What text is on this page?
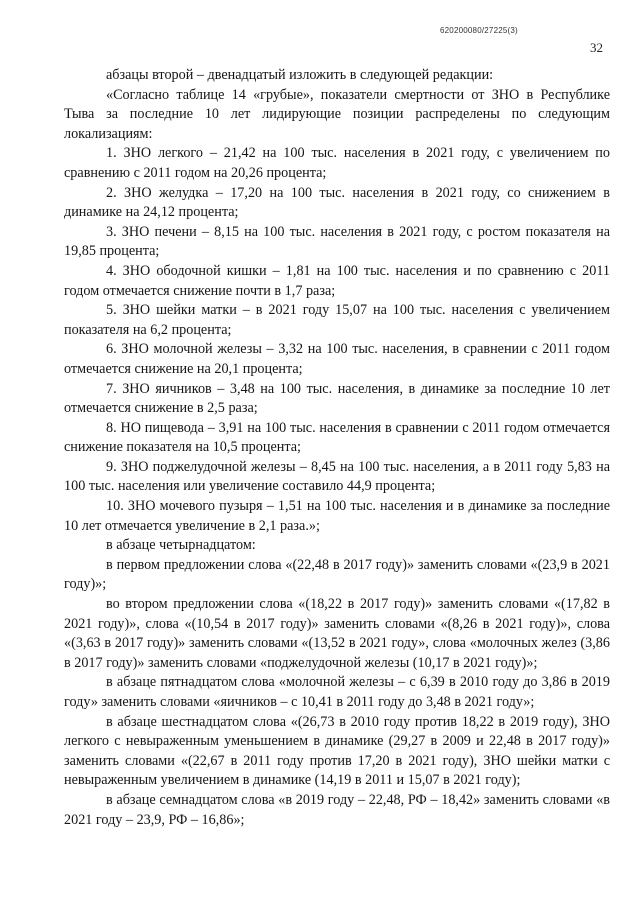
620200080/27225(3)
32

абзацы второй – двенадцатый изложить в следующей редакции:

«Согласно таблице 14 «грубые», показатели смертности от ЗНО в Республике Тыва за последние 10 лет лидирующие позиции распределены по следующим локализациям:

1. ЗНО легкого – 21,42 на 100 тыс. населения в 2021 году, с увеличением по сравнению с 2011 годом на 20,26 процента;

2. ЗНО желудка – 17,20 на 100 тыс. населения в 2021 году, со снижением в динамике на 24,12 процента;

3. ЗНО печени – 8,15 на 100 тыс. населения в 2021 году, с ростом показателя на 19,85 процента;

4. ЗНО ободочной кишки – 1,81 на 100 тыс. населения и по сравнению с 2011 годом отмечается снижение почти в 1,7 раза;

5. ЗНО шейки матки – в 2021 году 15,07 на 100 тыс. населения с увеличением показателя на 6,2 процента;

6. ЗНО молочной железы – 3,32 на 100 тыс. населения, в сравнении с 2011 годом отмечается снижение на 20,1 процента;

7. ЗНО яичников – 3,48 на 100 тыс. населения, в динамике за последние 10 лет отмечается снижение в 2,5 раза;

8. НО пищевода – 3,91 на 100 тыс. населения в сравнении с 2011 годом отмечается снижение показателя на 10,5 процента;

9. ЗНО поджелудочной железы – 8,45 на 100 тыс. населения, а в 2011 году 5,83 на 100 тыс. населения или увеличение составило 44,9 процента;

10. ЗНО мочевого пузыря – 1,51 на 100 тыс. населения и в динамике за последние 10 лет отмечается увеличение в 2,1 раза.»;

в абзаце четырнадцатом:

в первом предложении слова «(22,48 в 2017 году)» заменить словами «(23,9 в 2021 году)»;

во втором предложении слова «(18,22 в 2017 году)» заменить словами «(17,82 в 2021 году)», слова «(10,54 в 2017 году)» заменить словами «(8,26 в 2021 году)», слова «(3,63 в 2017 году)» заменить словами «(13,52 в 2021 году», слова «молочных желез (3,86 в 2017 году)» заменить словами «поджелудочной железы (10,17 в 2021 году)»;

в абзаце пятнадцатом слова «молочной железы – с 6,39 в 2010 году до 3,86 в 2019 году» заменить словами «яичников – с 10,41 в 2011 году до 3,48 в 2021 году»;

в абзаце шестнадцатом слова «(26,73 в 2010 году против 18,22 в 2019 году), ЗНО легкого с невыраженным уменьшением в динамике (29,27 в 2009 и 22,48 в 2017 году)» заменить словами «(22,67 в 2011 году против 17,20 в 2021 году), ЗНО шейки матки с невыраженным увеличением в динамике (14,19 в 2011 и 15,07 в 2021 году);

в абзаце семнадцатом слова «в 2019 году – 22,48, РФ – 18,42» заменить словами «в 2021 году – 23,9, РФ – 16,86»;
